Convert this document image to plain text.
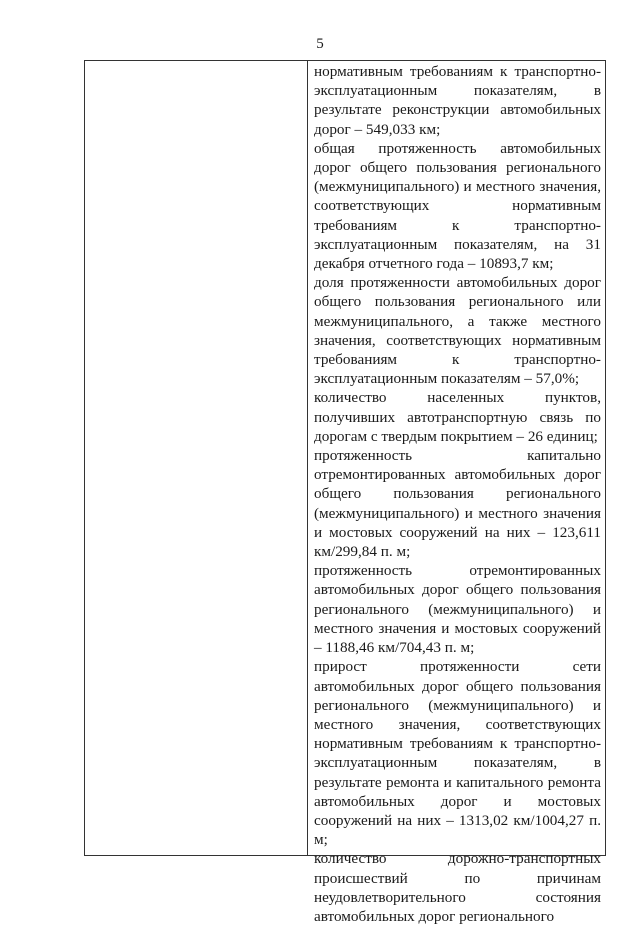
5

нормативным требованиям к транспортно-эксплуатационным показателям, в результате реконструкции автомобильных дорог – 549,033 км;

общая протяженность автомобильных дорог общего пользования регионального (межмуниципального) и местного значения, соответствующих нормативным требованиям к транспортно-эксплуатационным показателям, на 31 декабря отчетного года – 10893,7 км;

доля протяженности автомобильных дорог общего пользования регионального или межмуниципального, а также местного значения, соответствующих нормативным требованиям к транспортно-эксплуатационным показателям – 57,0%;

количество населенных пунктов, получивших автотранспортную связь по дорогам с твердым покрытием – 26 единиц;

протяженность капитально отремонтированных автомобильных дорог общего пользования регионального (межмуниципального) и местного значения и мостовых сооружений на них – 123,611 км/299,84 п. м;

протяженность отремонтированных автомобильных дорог общего пользования регионального (межмуниципального) и местного значения и мостовых сооружений – 1188,46 км/704,43 п. м;

прирост протяженности сети автомобильных дорог общего пользования регионального (межмуниципального) и местного значения, соответствующих нормативным требованиям к транспортно-эксплуатационным показателям, в результате ремонта и капитального ремонта автомобильных дорог и мостовых сооружений на них – 1313,02 км/1004,27 п. м;

количество дорожно-транспортных происшествий по причинам неудовлетворительного состояния автомобильных дорог регионального
